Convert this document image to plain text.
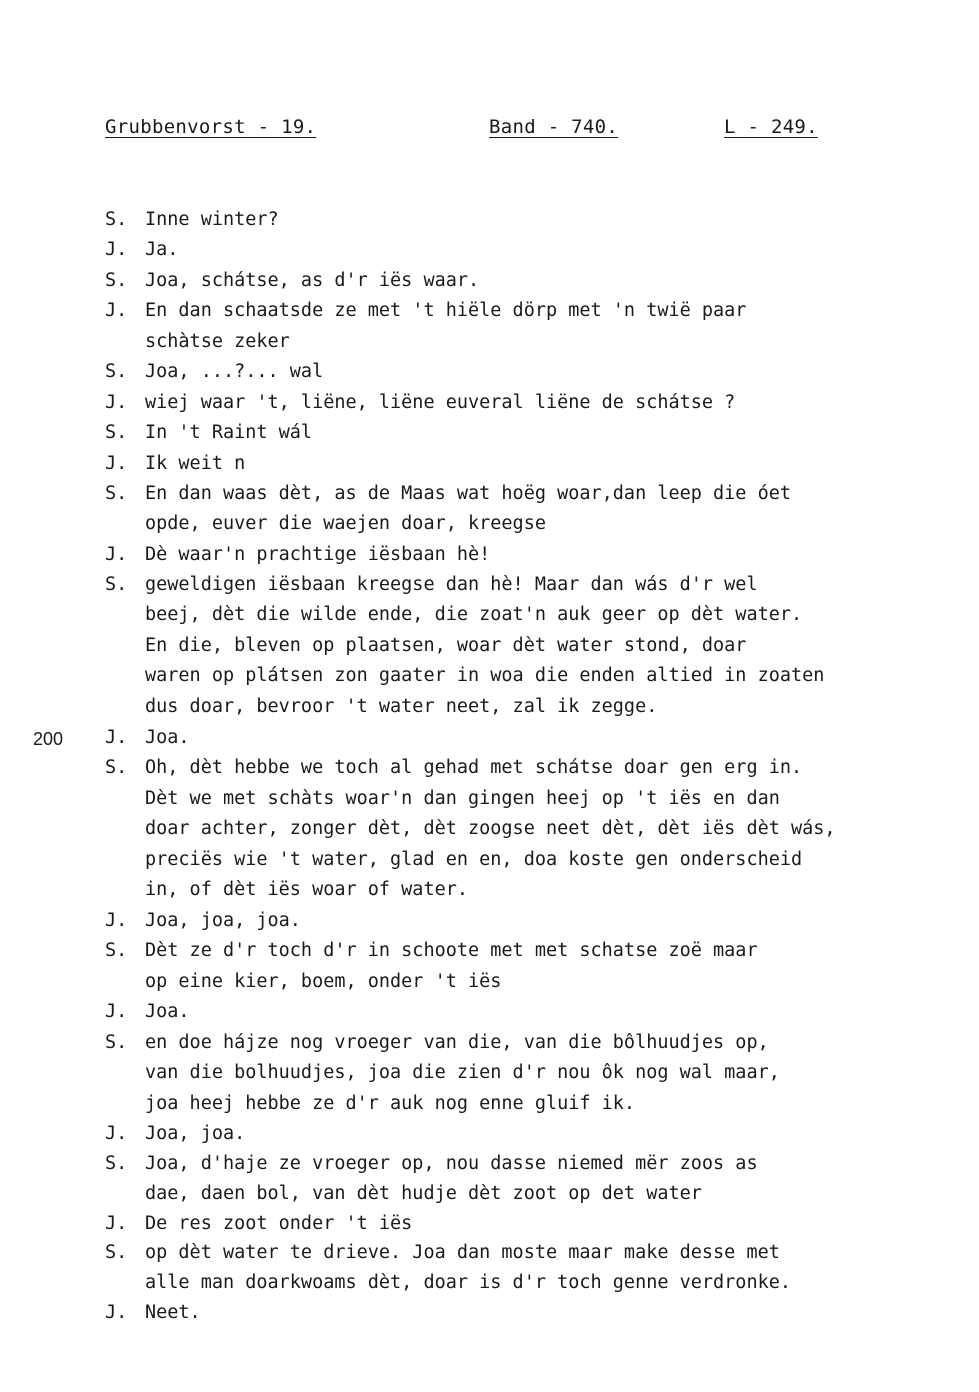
Grubbenvorst - 19.	Band - 740.	L - 249.
200
S. Inne winter?
J. Ja.
S. Joa, schátse, as d'r iës waar.
J. En dan schaatsde ze met 't hiële dörp met 'n twië paar
schàtse zeker
S. Joa, ...?... wal
J. wiej waar 't, liëne, liëne euveral liëne de schátse ?
S. In 't Raint wál
J. Ik weit n
S. En dan waas dèt, as de Maas wat hoëg woar,dan leep die óet
opde, euver die waejen doar, kreegse
J. Dè waar'n prachtige iësbaan hè!
S. geweldigen iësbaan kreegse dan hè! Maar dan wás d'r wel
beej, dèt die wilde ende, die zoat'n auk geer op dèt water.
En die, bleven op plaatsen, woar dèt water stond, doar
waren op plátsen zon gaater in woa die enden altied in zoaten
dus doar, bevroor 't water neet, zal ik zegge.
J. Joa.
S. Oh, dèt hebbe we toch al gehad met schátse doar gen erg in.
Dèt we met schàts woar'n dan gingen heej op 't iës en dan
doar achter, zonger dèt, dèt zoogse neet dèt, dèt iës dèt wás,
preciës wie 't water, glad en en, doa koste gen onderscheid
in, of dèt iës woar of water.
J. Joa, joa, joa.
S. Dèt ze d'r toch d'r in schoote met met schatse zoë maar
op eine kier, boem, onder 't iës
J. Joa.
S. en doe hájze nog vroeger van die, van die bôlhuudjes op,
van die bolhuudjes, joa die zien d'r nou ôk nog wal maar,
joa heej hebbe ze d'r auk nog enne gluif ik.
J. Joa, joa.
S. Joa, d'haje ze vroeger op, nou dasse niemed mër zoos as
dae, daen bol, van dèt hudje dèt zoot op det water
J. De res zoot onder 't iës
S. op dèt water te drieve. Joa dan moste maar make desse met
alle man doarkwoams dèt, doar is d'r toch genne verdronke.
J. Neet.
